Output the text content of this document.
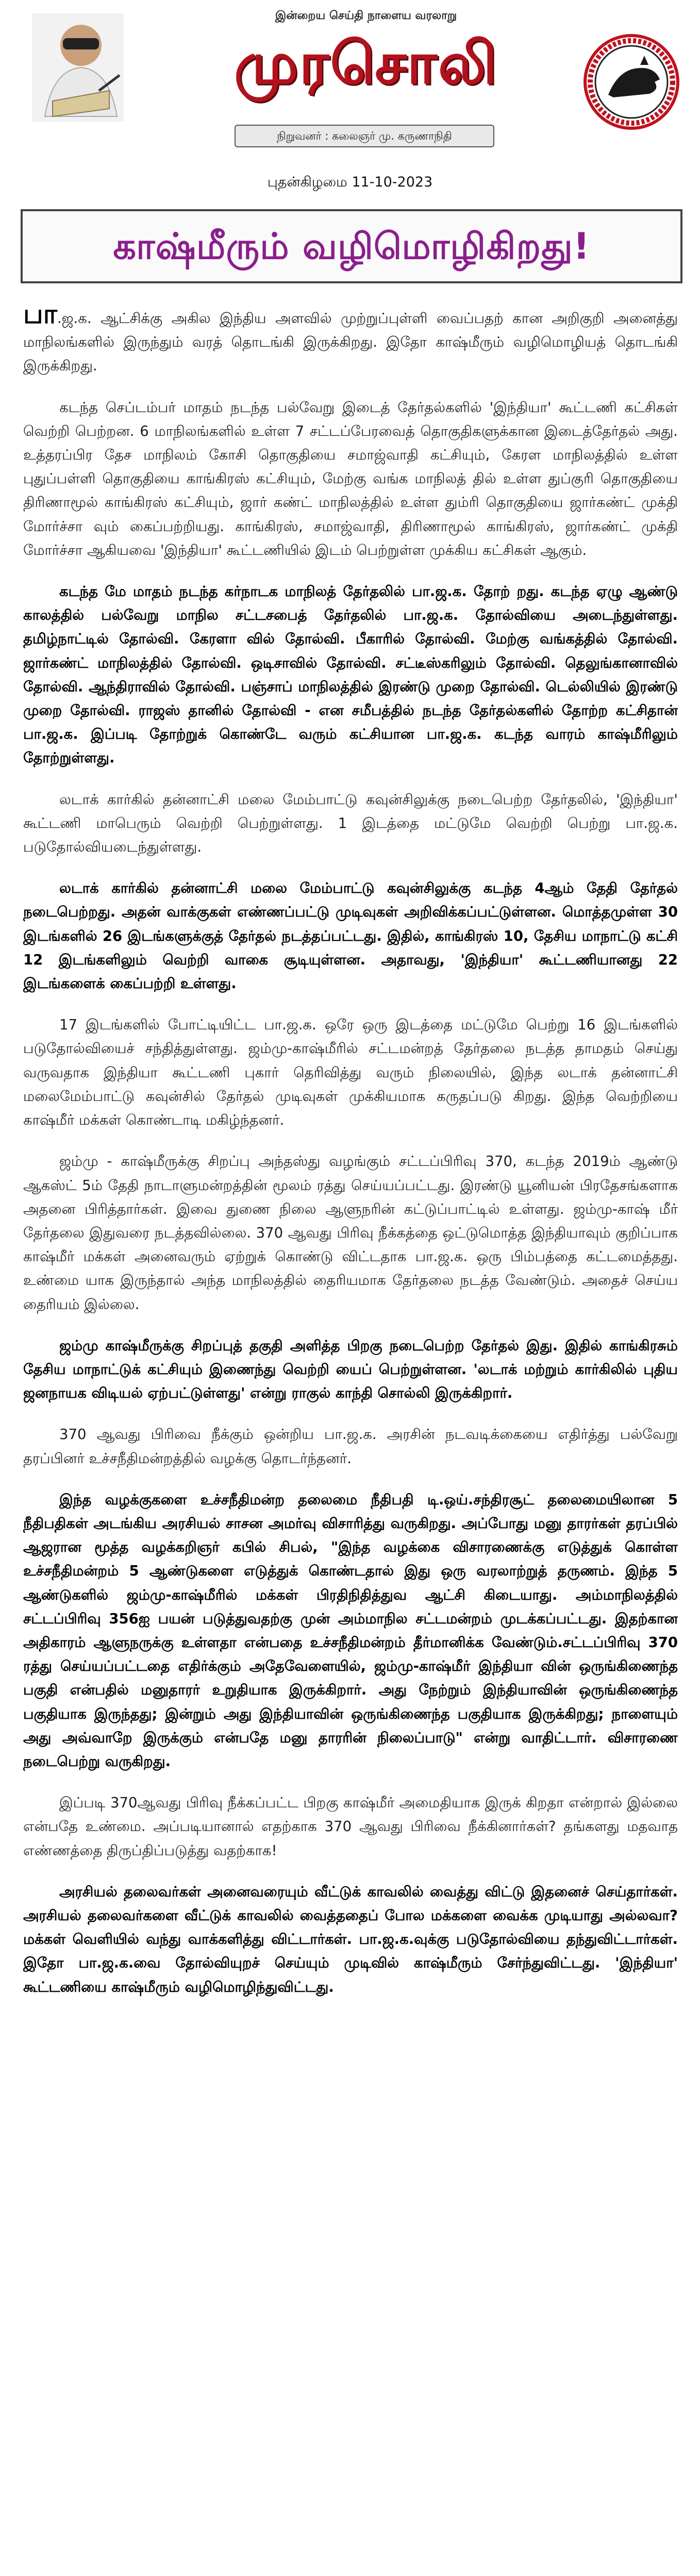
இன்றைய செய்தி நாளைய வரலாறு
முரசொலி
நிறுவனர் : கலைஞர் மு. கருணாநிதி
புதன்கிழமை 11-10-2023
காஷ்மீரும் வழிமொழிகிறது!

பா.ஜ.க. ஆட்சிக்கு அகில இந்திய அளவில் முற்றுப்புள்ளி வைப்பதற் கான அறிகுறி அனைத்து மாநிலங்களில் இருந்தும் வரத் தொடங்கி இருக்கிறது. இதோ காஷ்மீரும் வழிமொழியத் தொடங்கி இருக்கிறது.

கடந்த செப்டம்பர் மாதம் நடந்த பல்வேறு இடைத் தேர்தல்களில் 'இந்தியா' கூட்டணி கட்சிகள் வெற்றி பெற்றன. 6 மாநிலங்களில் உள்ள 7 சட்டப்பேரவைத் தொகுதிகளுக்கான இடைத்தேர்தல் அது. உத்தரப்பிர தேச மாநிலம் கோசி தொகுதியை சமாஜ்வாதி கட்சியும், கேரள மாநிலத்தில் உள்ள புதுப்பள்ளி தொகுதியை காங்கிரஸ் கட்சியும், மேற்கு வங்க மாநிலத் தில் உள்ள துப்குரி தொகுதியை திரிணாமூல் காங்கிரஸ் கட்சியும், ஜார் கண்ட் மாநிலத்தில் உள்ள தும்ரி தொகுதியை ஜார்கண்ட் முக்தி மோர்ச்சா வும் கைப்பற்றியது. காங்கிரஸ், சமாஜ்வாதி, திரிணாமூல் காங்கிரஸ், ஜார்கண்ட் முக்தி மோர்ச்சா ஆகியவை 'இந்தியா' கூட்டணியில் இடம் பெற்றுள்ள முக்கிய கட்சிகள் ஆகும்.

கடந்த மே மாதம் நடந்த கர்நாடக மாநிலத் தேர்தலில் பா.ஜ.க. தோற் றது. கடந்த ஏழு ஆண்டு காலத்தில் பல்வேறு மாநில சட்டசபைத் தேர்தலில் பா.ஜ.க. தோல்வியை அடைந்துள்ளது. தமிழ்நாட்டில் தோல்வி. கேரளா வில் தோல்வி. பீகாரில் தோல்வி. மேற்கு வங்கத்தில் தோல்வி. ஜார்கண்ட் மாநிலத்தில் தோல்வி. ஒடிசாவில் தோல்வி. சட்டீஸ்கரிலும் தோல்வி. தெலுங்கானாவில் தோல்வி. ஆந்திராவில் தோல்வி. பஞ்சாப் மாநிலத்தில் இரண்டு முறை தோல்வி. டெல்லியில் இரண்டு முறை தோல்வி. ராஜஸ் தானில் தோல்வி - என சமீபத்தில் நடந்த தேர்தல்களில் தோற்ற கட்சிதான் பா.ஜ.க. இப்படி தோற்றுக் கொண்டே வரும் கட்சியான பா.ஜ.க. கடந்த வாரம் காஷ்மீரிலும் தோற்றுள்ளது.

லடாக் கார்கில் தன்னாட்சி மலை மேம்பாட்டு கவுன்சிலுக்கு நடைபெற்ற தேர்தலில், 'இந்தியா' கூட்டணி மாபெரும் வெற்றி பெற்றுள்ளது. 1 இடத்தை மட்டுமே வெற்றி பெற்று பா.ஜ.க. படுதோல்வியடைந்துள்ளது.

லடாக் கார்கில் தன்னாட்சி மலை மேம்பாட்டு கவுன்சிலுக்கு கடந்த 4ஆம் தேதி தேர்தல் நடைபெற்றது. அதன் வாக்குகள் எண்ணப்பட்டு முடிவுகள் அறிவிக்கப்பட்டுள்ளன. மொத்தமுள்ள 30 இடங்களில் 26 இடங்களுக்குத் தேர்தல் நடத்தப்பட்டது. இதில், காங்கிரஸ் 10, தேசிய மாநாட்டு கட்சி 12 இடங்களிலும் வெற்றி வாகை சூடியுள்ளன. அதாவது, 'இந்தியா' கூட்டணியானது 22 இடங்களைக் கைப்பற்றி உள்ளது.

17 இடங்களில் போட்டியிட்ட பா.ஜ.க. ஒரே ஒரு இடத்தை மட்டுமே பெற்று 16 இடங்களில் படுதோல்வியைச் சந்தித்துள்ளது. ஜம்மு-காஷ்மீரில் சட்டமன்றத் தேர்தலை நடத்த தாமதம் செய்து வருவதாக இந்தியா கூட்டணி புகார் தெரிவித்து வரும் நிலையில், இந்த லடாக் தன்னாட்சி மலைமேம்பாட்டு கவுன்சில் தேர்தல் முடிவுகள் முக்கியமாக கருதப்படு கிறது. இந்த வெற்றியை காஷ்மீர் மக்கள் கொண்டாடி மகிழ்ந்தனர்.

ஜம்மு - காஷ்மீருக்கு சிறப்பு அந்தஸ்து வழங்கும் சட்டப்பிரிவு 370, கடந்த 2019ம் ஆண்டு ஆகஸ்ட் 5ம் தேதி நாடாளுமன்றத்தின் மூலம் ரத்து செய்யப்பட்டது. இரண்டு யூனியன் பிரதேசங்களாக அதனை பிரித்தார்கள். இவை துணை நிலை ஆளுநரின் கட்டுப்பாட்டில் உள்ளது. ஜம்மு-காஷ் மீர் தேர்தலை இதுவரை நடத்தவில்லை. 370 ஆவது பிரிவு நீக்கத்தை ஒட்டுமொத்த இந்தியாவும் குறிப்பாக காஷ்மீர் மக்கள் அனைவரும் ஏற்றுக் கொண்டு விட்டதாக பா.ஜ.க. ஒரு பிம்பத்தை கட்டமைத்தது. உண்மை யாக இருந்தால் அந்த மாநிலத்தில் தைரியமாக தேர்தலை நடத்த வேண்டும். அதைச் செய்ய தைரியம் இல்லை.

ஜம்மு காஷ்மீருக்கு சிறப்புத் தகுதி அளித்த பிறகு நடைபெற்ற தேர்தல் இது. இதில் காங்கிரசும் தேசிய மாநாட்டுக் கட்சியும் இணைந்து வெற்றி யைப் பெற்றுள்ளன. 'லடாக் மற்றும் கார்கிலில் புதிய ஜனநாயக விடியல் ஏற்பட்டுள்ளது' என்று ராகுல் காந்தி சொல்லி இருக்கிறார்.

370 ஆவது பிரிவை நீக்கும் ஒன்றிய பா.ஜ.க. அரசின் நடவடிக்கையை எதிர்த்து பல்வேறு தரப்பினர் உச்சநீதிமன்றத்தில் வழக்கு தொடர்ந்தனர்.

இந்த வழக்குகளை உச்சநீதிமன்ற தலைமை நீதிபதி டி.ஒய்.சந்திரசூட் தலைமையிலான 5 நீதிபதிகள் அடங்கிய அரசியல் சாசன அமர்வு விசாரித்து வருகிறது. அப்போது மனு தாரர்கள் தரப்பில் ஆஜரான மூத்த வழக்கறிஞர் கபில் சிபல், "இந்த வழக்கை விசாரணைக்கு எடுத்துக் கொள்ள உச்சநீதிமன்றம் 5 ஆண்டுகளை எடுத்துக் கொண்டதால் இது ஒரு வரலாற்றுத் தருணம். இந்த 5 ஆண்டுகளில் ஜம்மு-காஷ்மீரில் மக்கள் பிரதிநிதித்துவ ஆட்சி கிடையாது. அம்மாநிலத்தில் சட்டப்பிரிவு 356ஐ பயன் படுத்துவதற்கு முன் அம்மாநில சட்டமன்றம் முடக்கப்பட்டது. இதற்கான அதிகாரம் ஆளுநருக்கு உள்ளதா என்பதை உச்சநீதிமன்றம் தீர்மானிக்க வேண்டும்.சட்டப்பிரிவு 370 ரத்து செய்யப்பட்டதை எதிர்க்கும் அதேவேளையில், ஜம்மு-காஷ்மீர் இந்தியா வின் ஒருங்கிணைந்த பகுதி என்பதில் மனுதாரர் உறுதியாக இருக்கிறார். அது நேற்றும் இந்தியாவின் ஒருங்கிணைந்த பகுதியாக இருந்தது; இன்றும் அது இந்தியாவின் ஒருங்கிணைந்த பகுதியாக இருக்கிறது; நாளையும் அது அவ்வாறே இருக்கும் என்பதே மனு தாரரின் நிலைப்பாடு" என்று வாதிட்டார். விசாரணை நடைபெற்று வருகிறது.

இப்படி 370ஆவது பிரிவு நீக்கப்பட்ட பிறகு காஷ்மீர் அமைதியாக இருக் கிறதா என்றால் இல்லை என்பதே உண்மை. அப்படியானால் எதற்காக 370 ஆவது பிரிவை நீக்கினார்கள்? தங்களது மதவாத எண்ணத்தை திருப்திப்படுத்து வதற்காக!

அரசியல் தலைவர்கள் அனைவரையும் வீட்டுக் காவலில் வைத்து விட்டு இதனைச் செய்தார்கள். அரசியல் தலைவர்களை வீட்டுக் காவலில் வைத்ததைப் போல மக்களை வைக்க முடியாது அல்லவா? மக்கள் வெளியில் வந்து வாக்களித்து விட்டார்கள். பா.ஜ.க.வுக்கு படுதோல்வியை தந்துவிட்டார்கள். இதோ பா.ஜ.க.வை தோல்வியுறச் செய்யும் முடிவில் காஷ்மீரும் சேர்ந்துவிட்டது. 'இந்தியா' கூட்டணியை காஷ்மீரும் வழிமொழிந்துவிட்டது.
